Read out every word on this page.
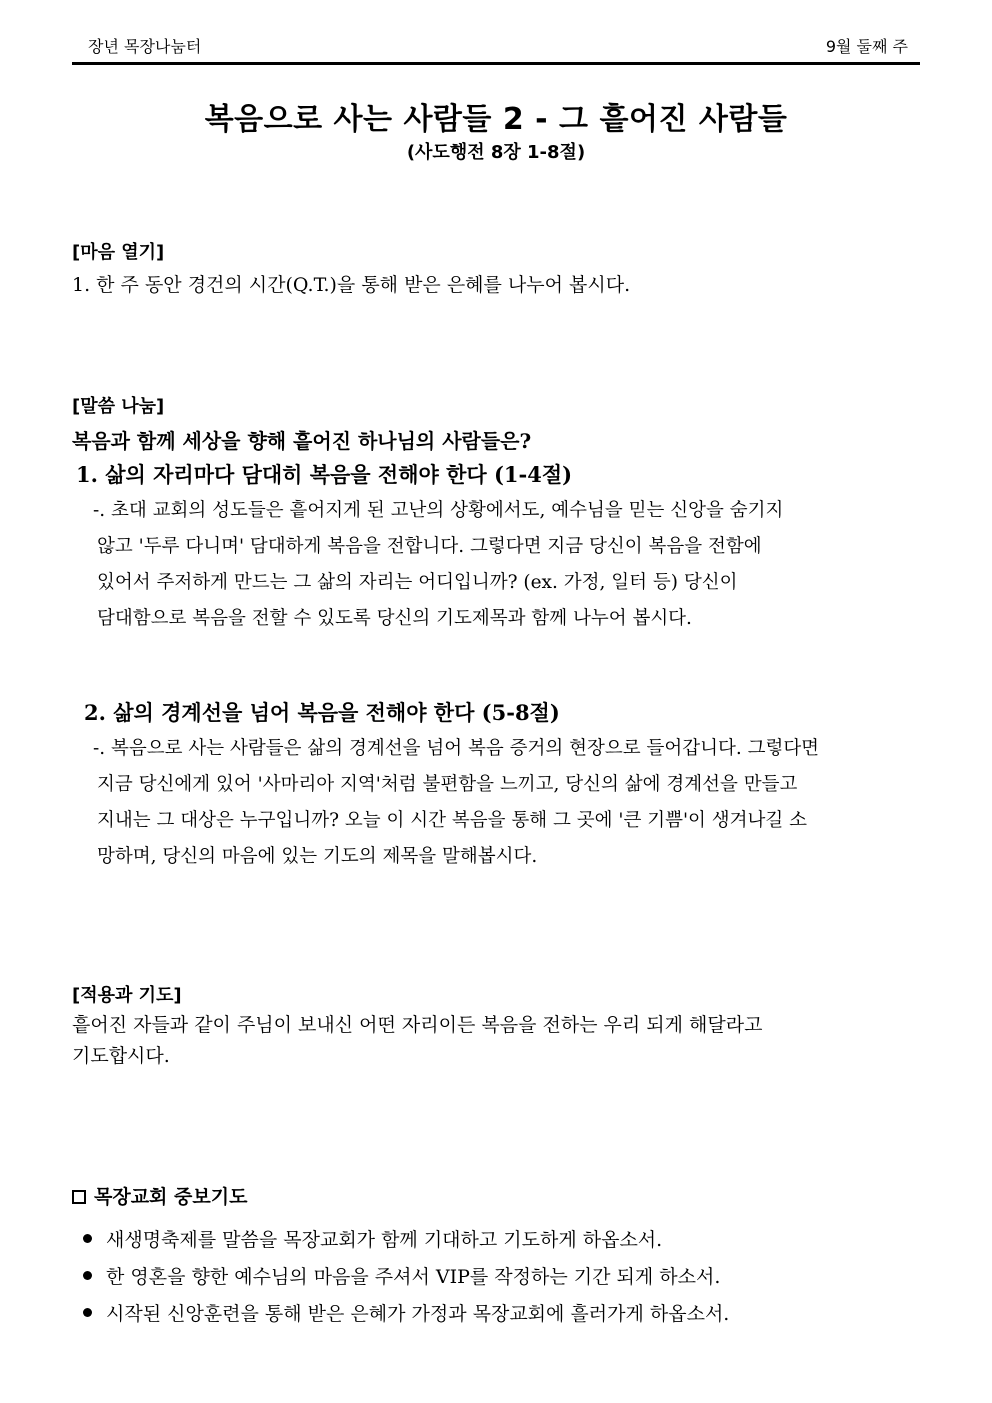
장년 목장나눔터	9월 둘째 주
복음으로 사는 사람들 2 - 그 흩어진 사람들
(사도행전 8장 1-8절)
[마음 열기]
1. 한 주 동안 경건의 시간(Q.T.)을 통해 받은 은혜를 나누어 봅시다.
[말씀 나눔]
복음과 함께 세상을 향해 흩어진 하나님의 사람들은?
1. 삶의 자리마다 담대히 복음을 전해야 한다 (1-4절)
-. 초대 교회의 성도들은 흩어지게 된 고난의 상황에서도, 예수님을 믿는 신앙을 숨기지
않고 '두루 다니며' 담대하게 복음을 전합니다. 그렇다면 지금 당신이 복음을 전함에
있어서 주저하게 만드는 그 삶의 자리는 어디입니까? (ex. 가정, 일터 등) 당신이
담대함으로 복음을 전할 수 있도록 당신의 기도제목과 함께 나누어 봅시다.
2. 삶의 경계선을 넘어 복음을 전해야 한다 (5-8절)
-. 복음으로 사는 사람들은 삶의 경계선을 넘어 복음 증거의 현장으로 들어갑니다. 그렇다면
지금 당신에게 있어 '사마리아 지역'처럼 불편함을 느끼고, 당신의 삶에 경계선을 만들고
지내는 그 대상은 누구입니까? 오늘 이 시간 복음을 통해 그 곳에 '큰 기쁨'이 생겨나길 소
망하며, 당신의 마음에 있는 기도의 제목을 말해봅시다.
[적용과 기도]
흩어진 자들과 같이 주님이 보내신 어떤 자리이든 복음을 전하는 우리 되게 해달라고
기도합시다.
목장교회 중보기도
새생명축제를 말씀을 목장교회가 함께 기대하고 기도하게 하옵소서.
한 영혼을 향한 예수님의 마음을 주셔서 VIP를 작정하는 기간 되게 하소서.
시작된 신앙훈련을 통해 받은 은혜가 가정과 목장교회에 흘러가게 하옵소서.
